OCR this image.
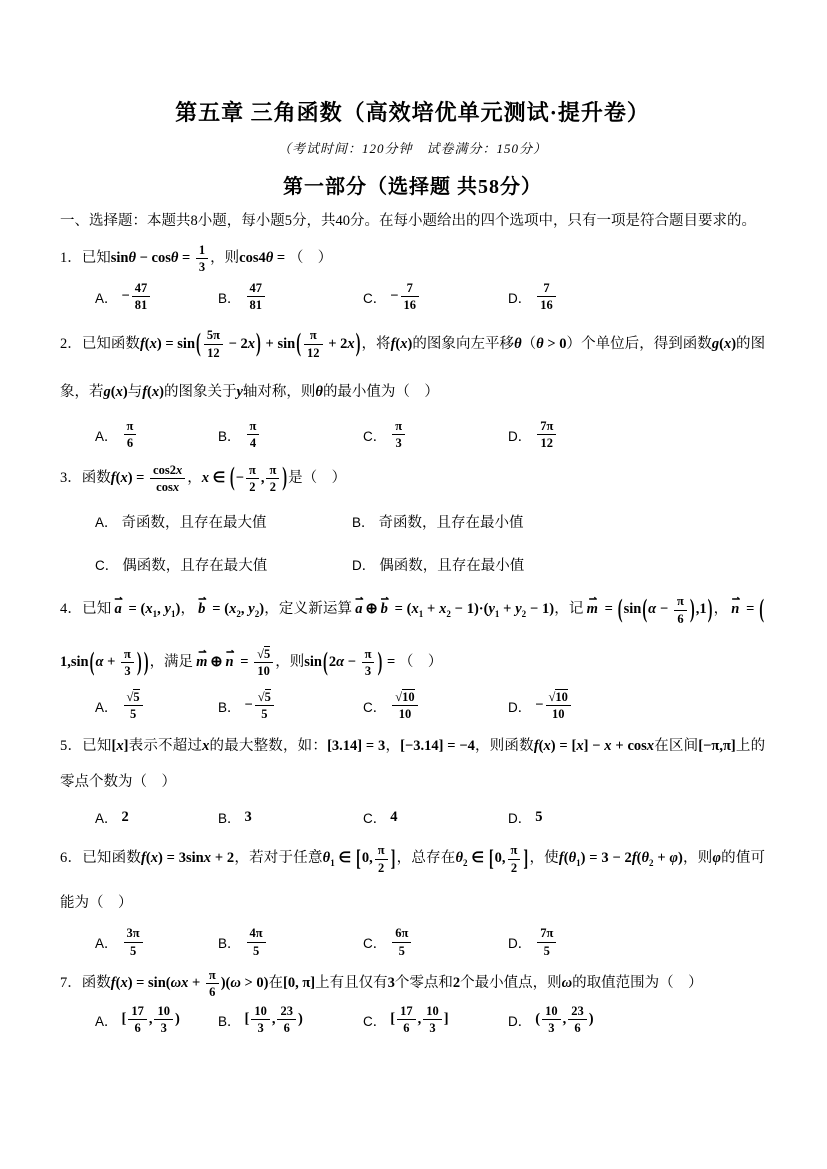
第五章 三角函数（高效培优单元测试·提升卷）
（考试时间：120分钟　试卷满分：150分）
第一部分（选择题 共58分）

一、选择题：本题共8小题，每小题5分，共40分。在每小题给出的四个选项中，只有一项是符合题目要求的。

1．已知$\sin\theta - \cos\theta = \frac{1}{3}$ ，则cos4θ = （　）
A． − $\frac{47}{81}$	B．
47
81	C． − $\frac{7}{16}$	D．
7
16
2．已知函数$f(x) = \sin( \frac{5\pi}{12} - 2x) + \sin( \frac{\pi}{12} + 2x)$，将f(x)的图象向左平移θ（θ > 0）个单位后，得到函数g(x)的图象，若g(x)与f(x)的图象关于y轴对称，则θ的最小值为（　）
A．
π
6	B．
π
4	C．
π
3	D．
7π
12
3．函数$f(x) = \frac{\cos 2x}{\cos x}$ ，x ∈ (− $\frac{\pi}{2}$ , $\frac{\pi}{2}$ )是（　）
A． 奇函数，且存在最大值	B． 奇函数，且存在最小值
C． 偶函数，且存在最大值	D． 偶函数，且存在最小值
4．已知 ⇀ $a = (x_1$, $y_1$)， ⇀ $b = (x_2$, $y_2$)，定义新运算 ⇀ a ⊕ ⇀ $b = (x_1 + x_2 - 1)\cdot(y_1 + y_2 - 1)$，记 ⇀ $m = (\sin(\alpha - \frac{\pi}{6} ),1)$， ⇀ $n = (1,\sin(\alpha + \frac{\pi}{3}$ ) )，满足 ⇀ m ⊕ ⇀ $n = \frac{√5}{10}$ ，则$\sin(2\alpha - \frac{\pi}{3}$ ) = （　）
A．
√5
5	B． − $\frac{√5}{5}$	C．
√10
10	D． − $\frac{√10}{10}$
5．已知[x]表示不超过x的最大整数，如：[3.14] = 3，[−3.14] = −4，则函数f(x) = [x] − x + cosx在区间[−π,π]上的零点个数为（　）
A． 2	B． 3	C． 4	D． 5
6．已知函数f(x) = 3sinx + 2，若对于任意$\theta_1$ ∈ [0, $\frac{\pi}{2}$ ]，总存在$\theta_2$ ∈ [0, $\frac{\pi}{2}$ ]，使$f(\theta_1) = 3 - 2f(\theta_2 + \varphi)$，则φ的值可能为（　）
A．
3π
5	B．
4π
5	C．
6π
5	D．
7π
5
7．函数$f(x) = \sin(\omega x + \frac{\pi}{6} )(\omega > 0)$在[0, π]上有且仅有3个零点和2个最小值点，则ω的取值范围为（　）
A． [
17
6
,
10
3
)	B． [
10
3
,
23
6
)	C． [
17
6
,
10
3
]	D． (
10
3
,
23
6
)
